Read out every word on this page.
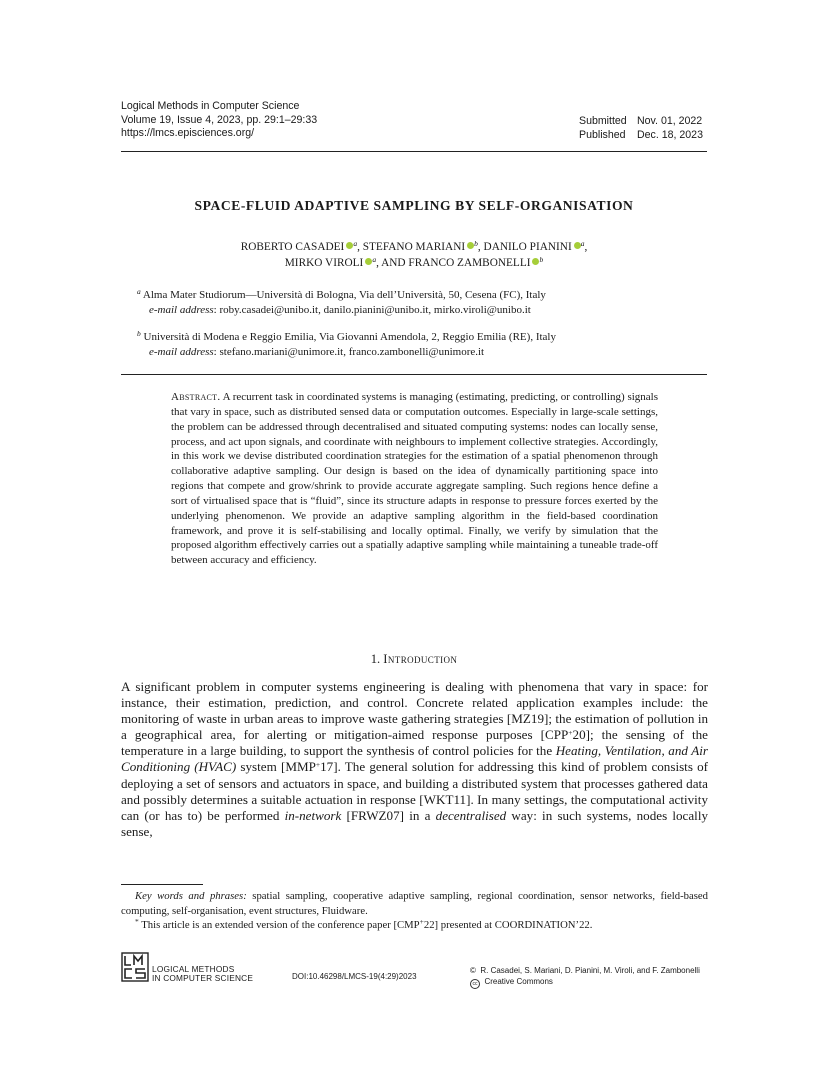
Logical Methods in Computer Science
Volume 19, Issue 4, 2023, pp. 29:1–29:33
https://lmcs.episciences.org/
Submitted Nov. 01, 2022
Published Dec. 18, 2023
SPACE-FLUID ADAPTIVE SAMPLING BY SELF-ORGANISATION
ROBERTO CASADEI $^a$, STEFANO MARIANI $^b$, DANILO PIANINI $^a$,
MIRKO VIROLI $^a$, AND FRANCO ZAMBONELLI $^b$
$^a$ Alma Mater Studiorum—Università di Bologna, Via dell’Università, 50, Cesena (FC), Italy
e-mail address: roby.casadei@unibo.it, danilo.pianini@unibo.it, mirko.viroli@unibo.it
$^b$ Università di Modena e Reggio Emilia, Via Giovanni Amendola, 2, Reggio Emilia (RE), Italy
e-mail address: stefano.mariani@unimore.it, franco.zambonelli@unimore.it
Abstract. A recurrent task in coordinated systems is managing (estimating, predicting, or controlling) signals that vary in space, such as distributed sensed data or computation outcomes. Especially in large-scale settings, the problem can be addressed through decentralised and situated computing systems: nodes can locally sense, process, and act upon signals, and coordinate with neighbours to implement collective strategies. Accordingly, in this work we devise distributed coordination strategies for the estimation of a spatial phenomenon through collaborative adaptive sampling. Our design is based on the idea of dynamically partitioning space into regions that compete and grow/shrink to provide accurate aggregate sampling. Such regions hence define a sort of virtualised space that is “fluid”, since its structure adapts in response to pressure forces exerted by the underlying phenomenon. We provide an adaptive sampling algorithm in the field-based coordination framework, and prove it is self-stabilising and locally optimal. Finally, we verify by simulation that the proposed algorithm effectively carries out a spatially adaptive sampling while maintaining a tuneable trade-off between accuracy and efficiency.
1. Introduction
A significant problem in computer systems engineering is dealing with phenomena that vary in space: for instance, their estimation, prediction, and control. Concrete related application examples include: the monitoring of waste in urban areas to improve waste gathering strategies [MZ19]; the estimation of pollution in a geographical area, for alerting or mitigation-aimed response purposes [CPP+20]; the sensing of the temperature in a large building, to support the synthesis of control policies for the Heating, Ventilation, and Air Conditioning (HVAC) system [MMP+17]. The general solution for addressing this kind of problem consists of deploying a set of sensors and actuators in space, and building a distributed system that processes gathered data and possibly determines a suitable actuation in response [WKT11]. In many settings, the computational activity can (or has to) be performed in-network [FRWZ07] in a decentralised way: in such systems, nodes locally sense,
Key words and phrases: spatial sampling, cooperative adaptive sampling, regional coordination, sensor networks, field-based computing, self-organisation, event structures, Fluidware.
* This article is an extended version of the conference paper [CMP+22] presented at COORDINATION’22.
LOGICAL METHODS
IN COMPUTER SCIENCE	DOI:10.46298/LMCS-19(4:29)2023
© R. Casadei, S. Mariani, D. Pianini, M. Viroli, and F. Zambonelli
cc Creative Commons
